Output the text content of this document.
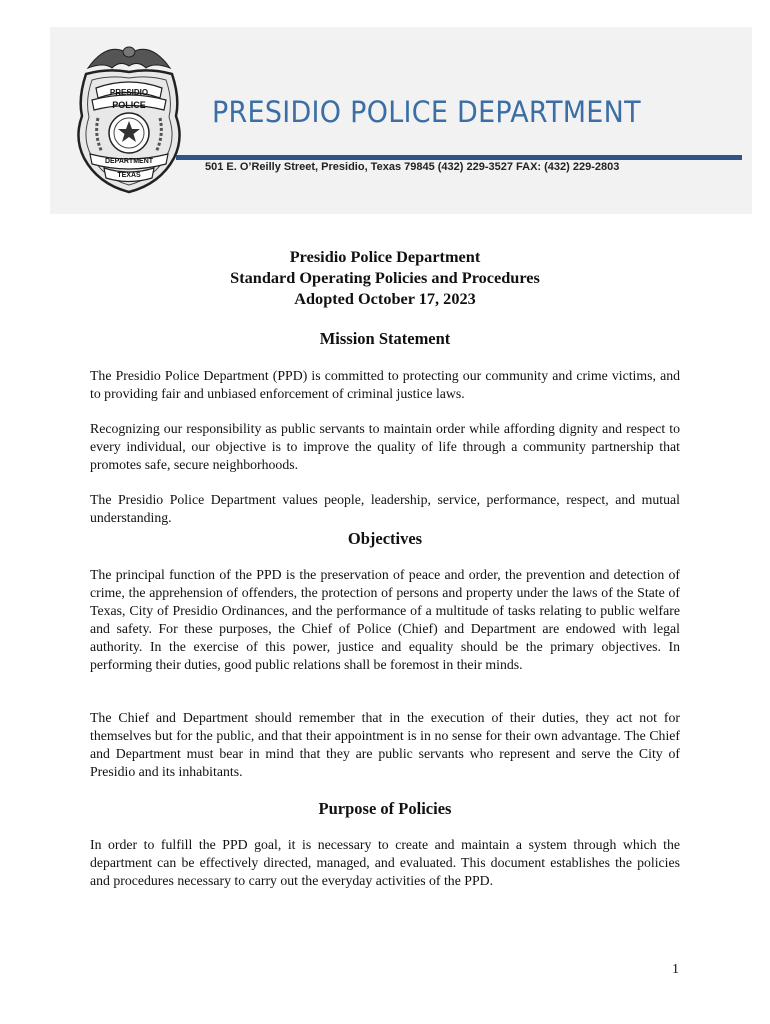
PRESIDIO
POLICE
DEPARTMENT
TEXAS
PRESIDIO POLICE DEPARTMENT
501 E. O’Reilly Street, Presidio, Texas 79845 (432) 229-3527 FAX: (432) 229-2803
Presidio Police Department
Standard Operating Policies and Procedures
Adopted October 17, 2023
Mission Statement

The Presidio Police Department (PPD) is committed to protecting our community and crime victims, and to providing fair and unbiased enforcement of criminal justice laws.

Recognizing our responsibility as public servants to maintain order while affording dignity and respect to every individual, our objective is to improve the quality of life through a community partnership that promotes safe, secure neighborhoods.

The Presidio Police Department values people, leadership, service, performance, respect, and mutual understanding.

Objectives

The principal function of the PPD is the preservation of peace and order, the prevention and detection of crime, the apprehension of offenders, the protection of persons and property under the laws of the State of Texas, City of Presidio Ordinances, and the performance of a multitude of tasks relating to public welfare and safety. For these purposes, the Chief of Police (Chief) and Department are endowed with legal authority. In the exercise of this power, justice and equality should be the primary objectives. In performing their duties, good public relations shall be foremost in their minds.

The Chief and Department should remember that in the execution of their duties, they act not for themselves but for the public, and that their appointment is in no sense for their own advantage. The Chief and Department must bear in mind that they are public servants who represent and serve the City of Presidio and its inhabitants.

Purpose of Policies

In order to fulfill the PPD goal, it is necessary to create and maintain a system through which the department can be effectively directed, managed, and evaluated. This document establishes the policies and procedures necessary to carry out the everyday activities of the PPD.

1
